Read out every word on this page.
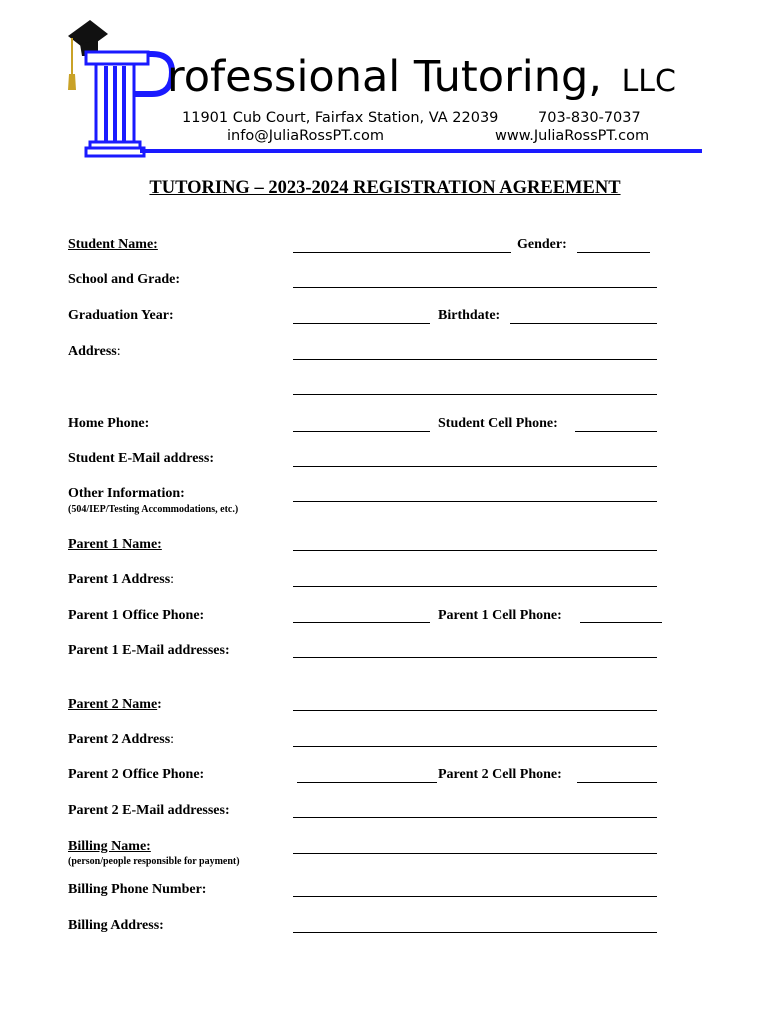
rofessional Tutoring, LLC
11901 Cub Court, Fairfax Station, VA 22039	703-830-7037
info@JuliaRossPT.com	www.JuliaRossPT.com
TUTORING – 2023-2024 REGISTRATION AGREEMENT
Student Name:	Gender:
School and Grade:
Graduation Year:	Birthdate:
Address:
Home Phone:	Student Cell Phone:
Student E-Mail address:
Other Information:
(504/IEP/Testing Accommodations, etc.)
Parent 1 Name:
Parent 1 Address:
Parent 1 Office Phone:	Parent 1 Cell Phone:
Parent 1 E-Mail addresses:
Parent 2 Name:
Parent 2 Address:
Parent 2 Office Phone:	Parent 2 Cell Phone:
Parent 2 E-Mail addresses:
Billing Name:
(person/people responsible for payment)
Billing Phone Number:
Billing Address:
